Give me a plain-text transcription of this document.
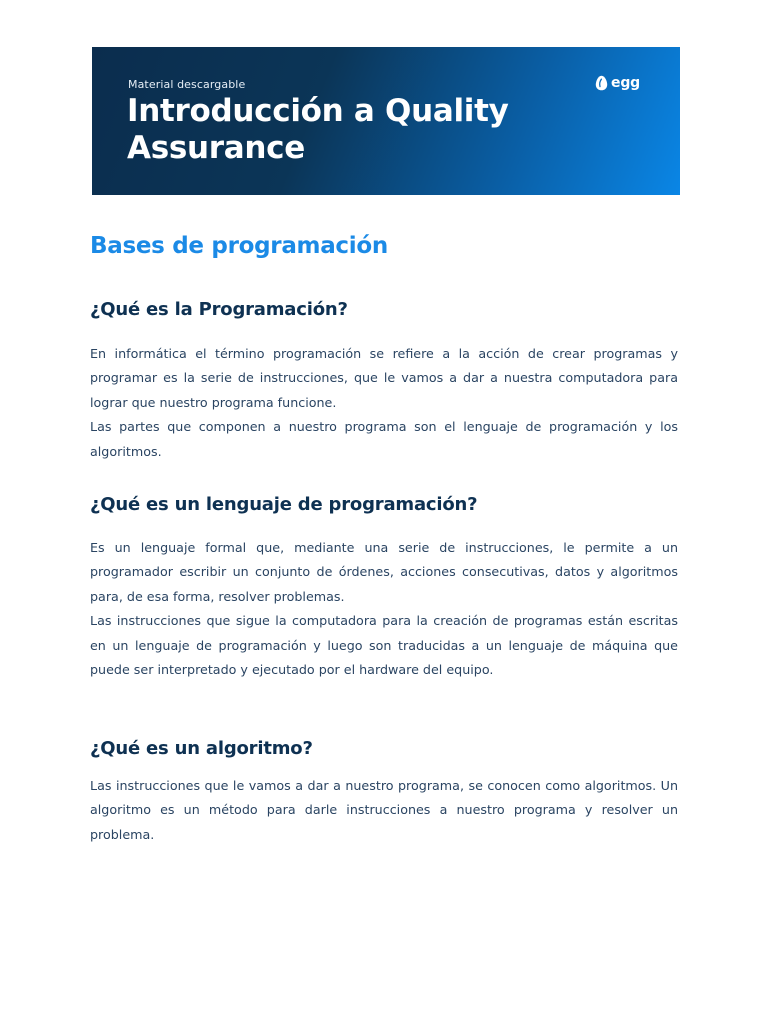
Material descargable
Introducción a Quality Assurance
egg
Bases de programación
¿Qué es la Programación?

En informática el término programación se refiere a la acción de crear programas y programar es la serie de instrucciones, que le vamos a dar a nuestra computadora para lograr que nuestro programa funcione.

Las partes que componen a nuestro programa son el lenguaje de programación y los algoritmos.

¿Qué es un lenguaje de programación?

Es un lenguaje formal que, mediante una serie de instrucciones, le permite a un programador escribir un conjunto de órdenes, acciones consecutivas, datos y algoritmos para, de esa forma, resolver problemas.

Las instrucciones que sigue la computadora para la creación de programas están escritas en un lenguaje de programación y luego son traducidas a un lenguaje de máquina que puede ser interpretado y ejecutado por el hardware del equipo.

¿Qué es un algoritmo?

Las instrucciones que le vamos a dar a nuestro programa, se conocen como algoritmos. Un algoritmo es un método para darle instrucciones a nuestro programa y resolver un problema.
